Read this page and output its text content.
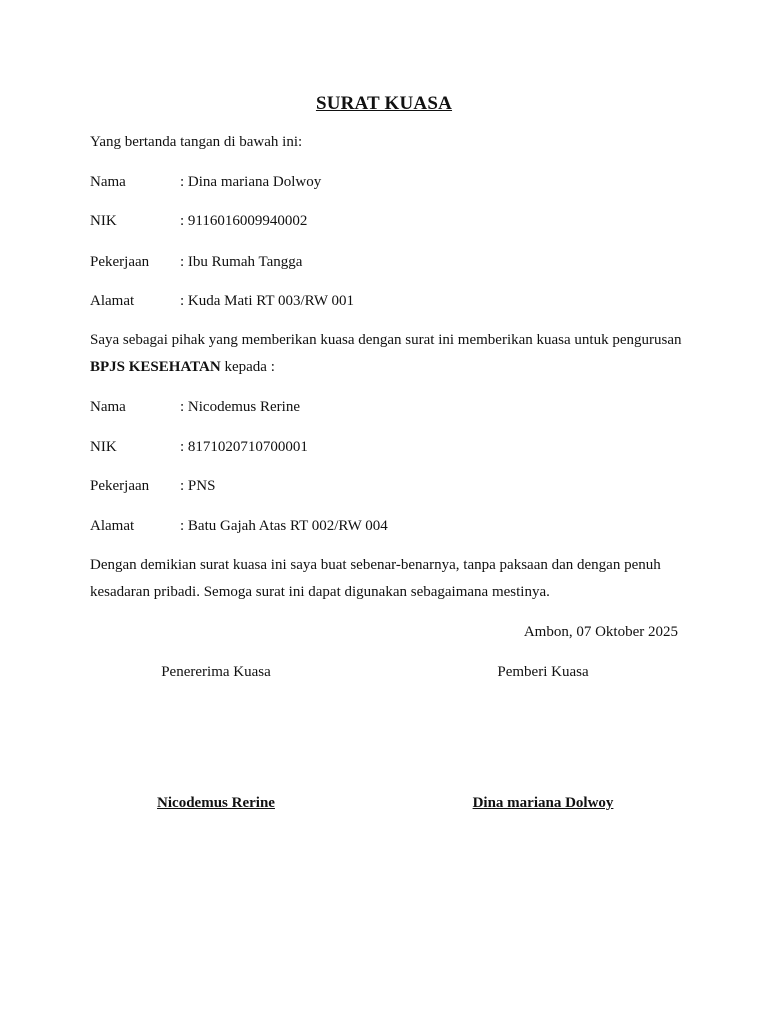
SURAT KUASA
Yang bertanda tangan di bawah ini:
Nama	: Dina mariana Dolwoy
NIK	: 9116016009940002
Pekerjaan : Ibu Rumah Tangga
Alamat	: Kuda Mati RT 003/RW 001
Saya sebagai pihak yang memberikan kuasa dengan surat ini memberikan kuasa untuk pengurusan BPJS KESEHATAN kepada :
Nama	: Nicodemus Rerine
NIK	: 8171020710700001
Pekerjaan : PNS
Alamat	: Batu Gajah Atas RT 002/RW 004
Dengan demikian surat kuasa ini saya buat sebenar-benarnya, tanpa paksaan dan dengan penuh kesadaran pribadi. Semoga surat ini dapat digunakan sebagaimana mestinya.
Ambon, 07 Oktober 2025
Penererima Kuasa	Pemberi Kuasa
Nicodemus Rerine	Dina mariana Dolwoy
